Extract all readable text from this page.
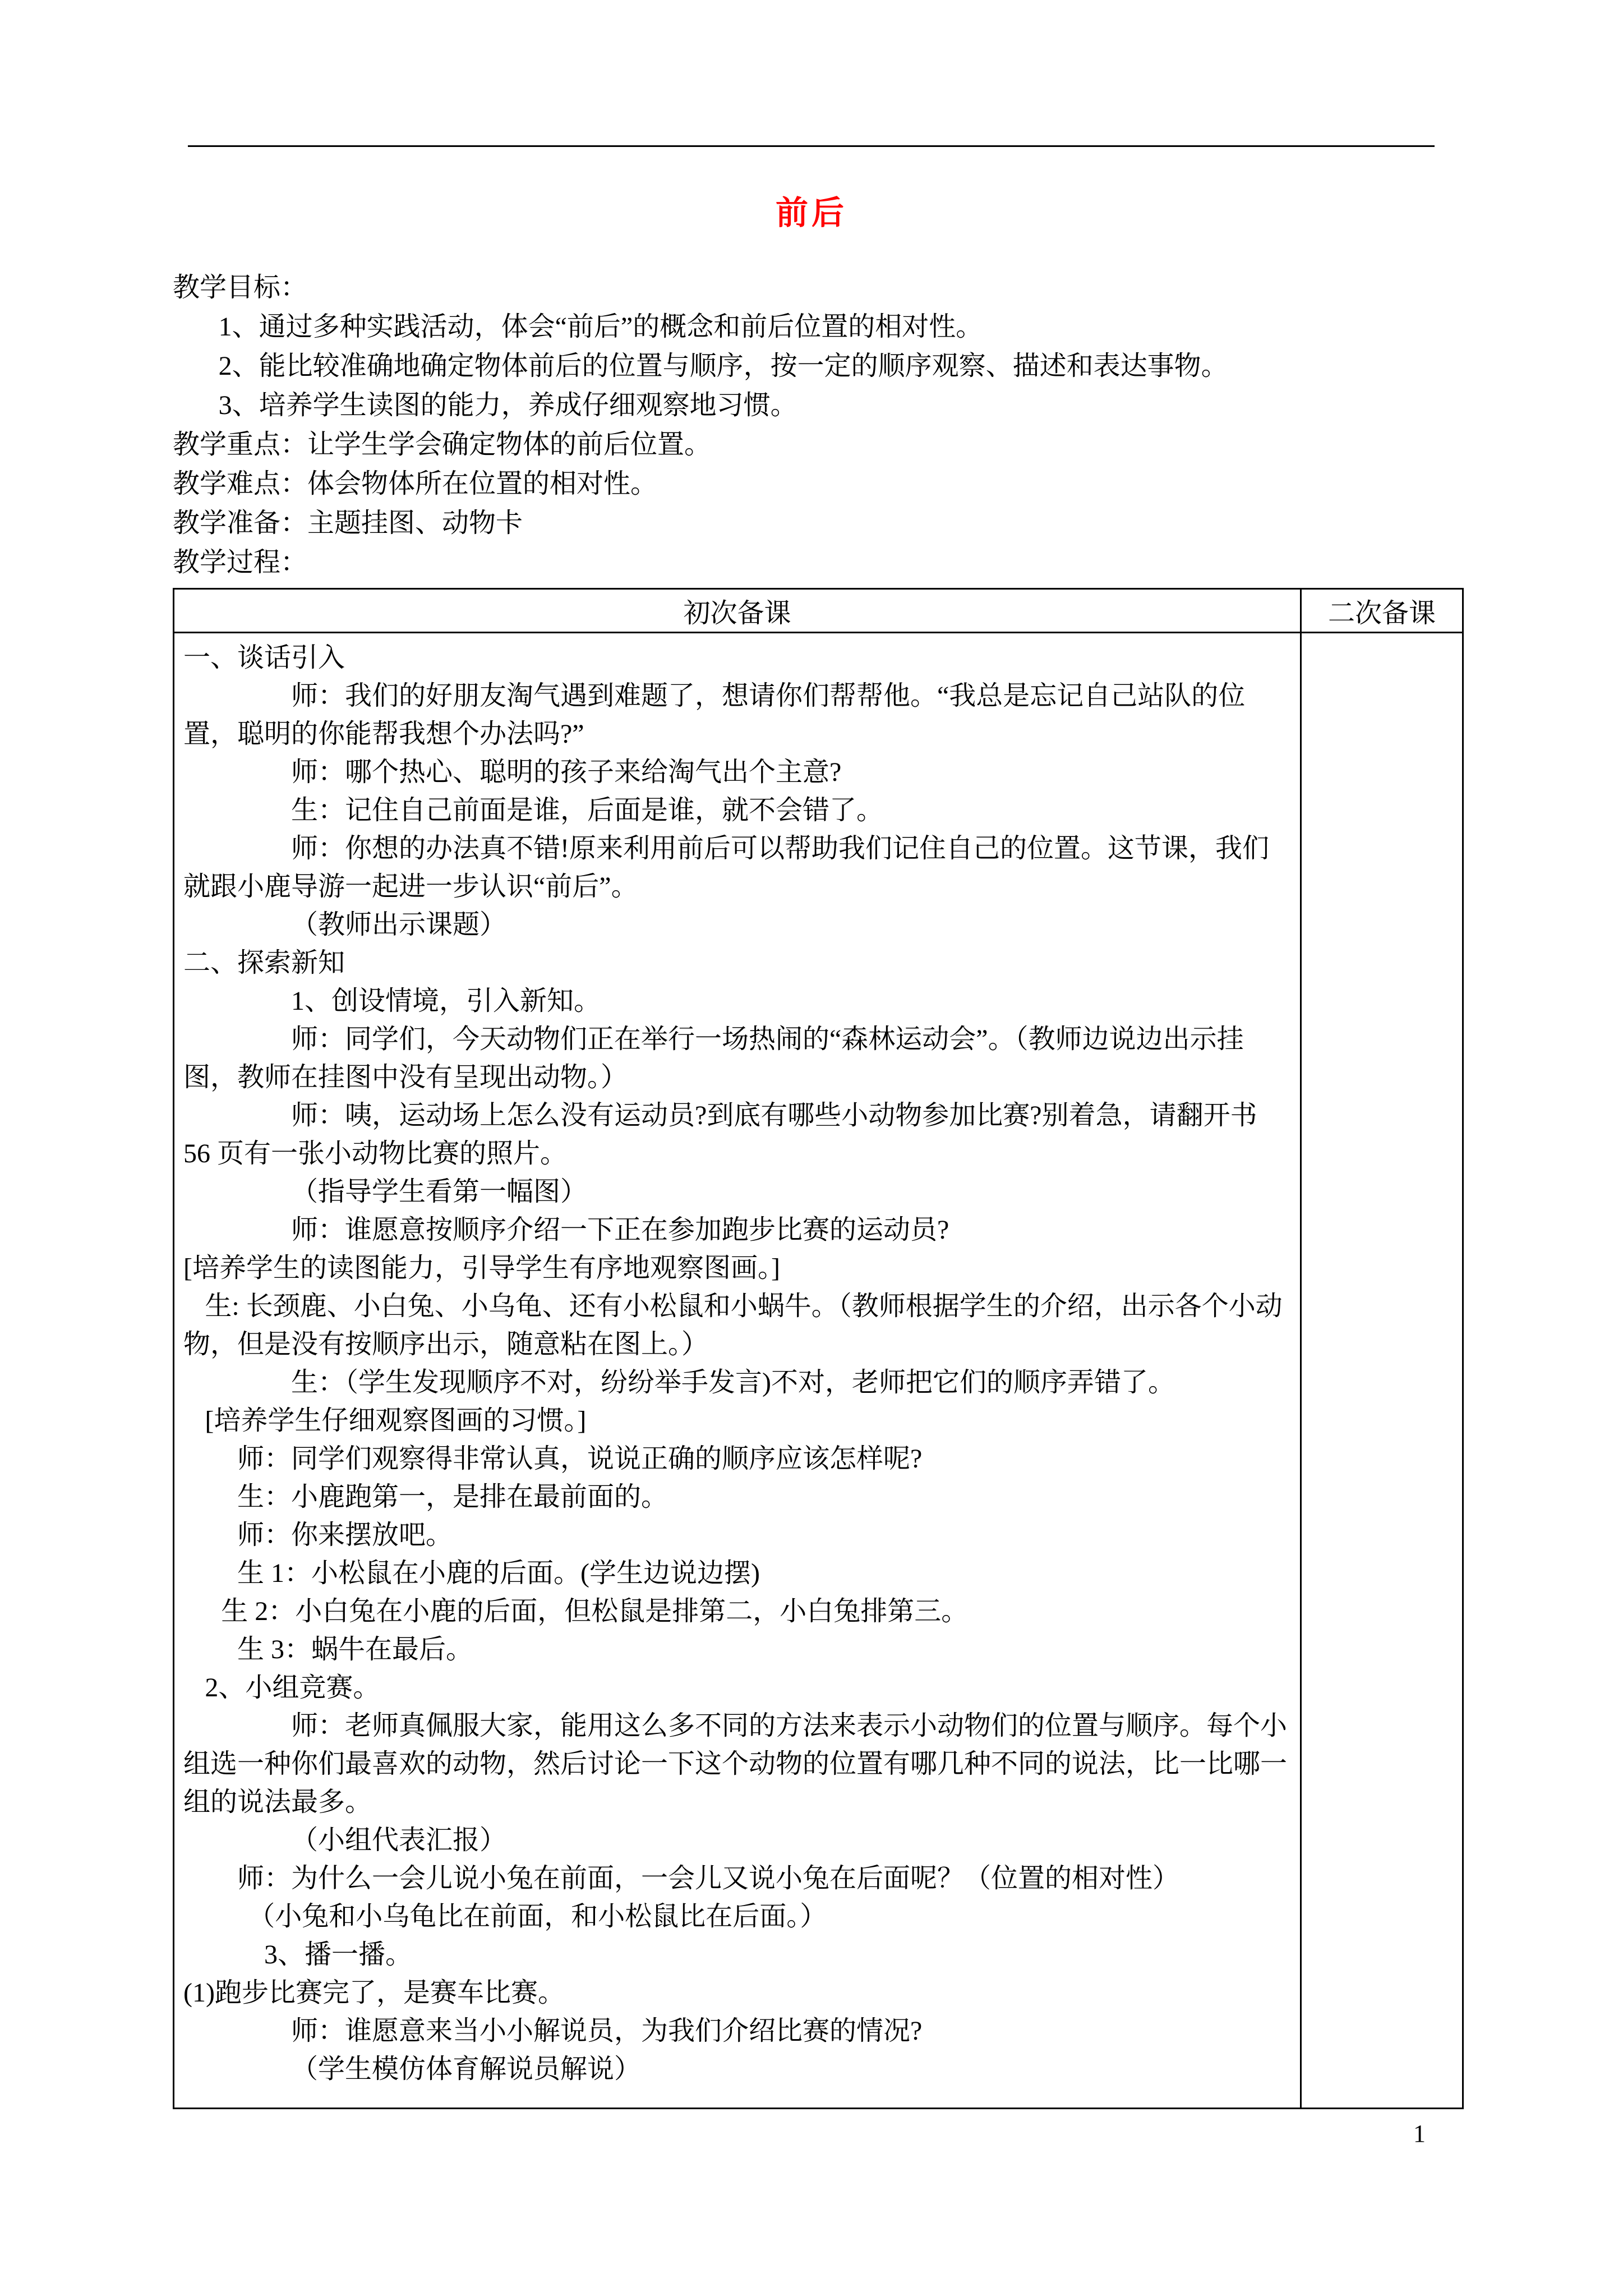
前后

教学目标：

1、通过多种实践活动，体会“前后”的概念和前后位置的相对性。

2、能比较准确地确定物体前后的位置与顺序，按一定的顺序观察、描述和表达事物。

3、培养学生读图的能力，养成仔细观察地习惯。

教学重点：让学生学会确定物体的前后位置。

教学难点：体会物体所在位置的相对性。

教学准备：主题挂图、动物卡

教学过程：

初次备课	二次备课

一、谈话引入

师：我们的好朋友淘气遇到难题了，想请你们帮帮他。“我总是忘记自己站队的位置，聪明的你能帮我想个办法吗?”

师：哪个热心、聪明的孩子来给淘气出个主意?

生：记住自己前面是谁，后面是谁，就不会错了。

师：你想的办法真不错!原来利用前后可以帮助我们记住自己的位置。这节课，我们就跟小鹿导游一起进一步认识“前后”。

（教师出示课题）

二、探索新知

1、创设情境，引入新知。

师：同学们，今天动物们正在举行一场热闹的“森林运动会”。（教师边说边出示挂图，教师在挂图中没有呈现出动物。）

师：咦，运动场上怎么没有运动员?到底有哪些小动物参加比赛?别着急，请翻开书 56 页有一张小动物比赛的照片。

（指导学生看第一幅图）

师：谁愿意按顺序介绍一下正在参加跑步比赛的运动员?

[培养学生的读图能力，引导学生有序地观察图画。]

生: 长颈鹿、小白兔、小乌龟、还有小松鼠和小蜗牛。（教师根据学生的介绍，出示各个小动物，但是没有按顺序出示，随意粘在图上。）

生：（学生发现顺序不对，纷纷举手发言)不对，老师把它们的顺序弄错了。

[培养学生仔细观察图画的习惯。]

师：同学们观察得非常认真，说说正确的顺序应该怎样呢?

生：小鹿跑第一，是排在最前面的。

师：你来摆放吧。

生 1：小松鼠在小鹿的后面。(学生边说边摆)

生 2：小白兔在小鹿的后面，但松鼠是排第二，小白兔排第三。

生 3：蜗牛在最后。

2、小组竞赛。

师：老师真佩服大家，能用这么多不同的方法来表示小动物们的位置与顺序。每个小组选一种你们最喜欢的动物，然后讨论一下这个动物的位置有哪几种不同的说法，比一比哪一组的说法最多。

（小组代表汇报）

师：为什么一会儿说小兔在前面，一会儿又说小兔在后面呢？（位置的相对性）

（小兔和小乌龟比在前面，和小松鼠比在后面。）

3、播一播。

(1)跑步比赛完了，是赛车比赛。

师：谁愿意来当小小解说员，为我们介绍比赛的情况?

（学生模仿体育解说员解说）

1
